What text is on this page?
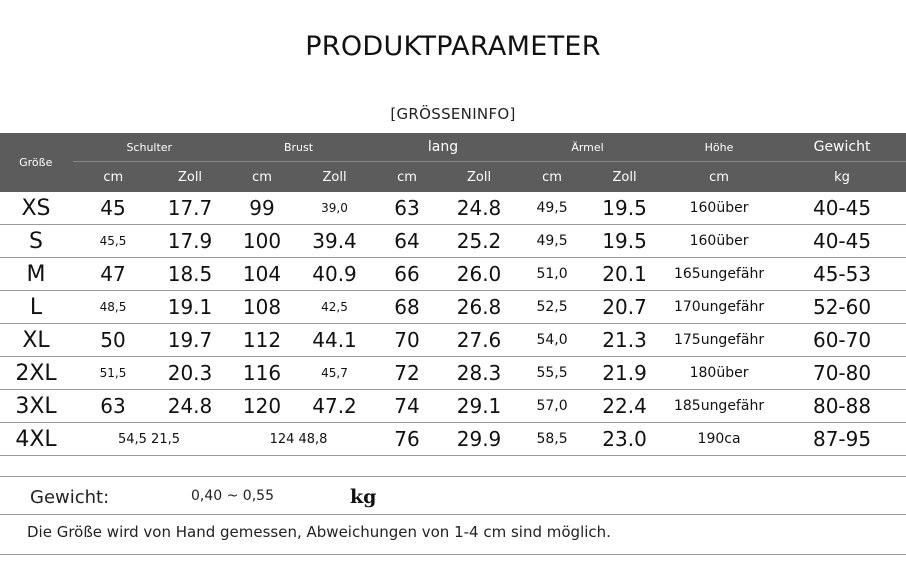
PRODUKTPARAMETER
[GRÖSSENINFO]
Größe	Schulter		Brust		lang		Ärmel		Höhe	Gewicht
	cm	Zoll	cm	Zoll	cm	Zoll	cm	Zoll	cm	kg
XS	45	17.7	99	39,0	63	24.8	49,5	19.5	160über	40-45
S	45,5	17.9	100	39.4	64	25.2	49,5	19.5	160über	40-45
M	47	18.5	104	40.9	66	26.0	51,0	20.1	165ungefähr	45-53
L	48,5	19.1	108	42,5	68	26.8	52,5	20.7	170ungefähr	52-60
XL	50	19.7	112	44.1	70	27.6	54,0	21.3	175ungefähr	60-70
2XL	51,5	20.3	116	45,7	72	28.3	55,5	21.9	180über	70-80
3XL	63	24.8	120	47.2	74	29.1	57,0	22.4	185ungefähr	80-88
4XL	54,5 21,5		124 48,8		76	29.9	58,5	23.0	190ca	87-95
Gewicht:	0,40 ~ 0,55	kg
Die Größe wird von Hand gemessen, Abweichungen von 1-4 cm sind möglich.
